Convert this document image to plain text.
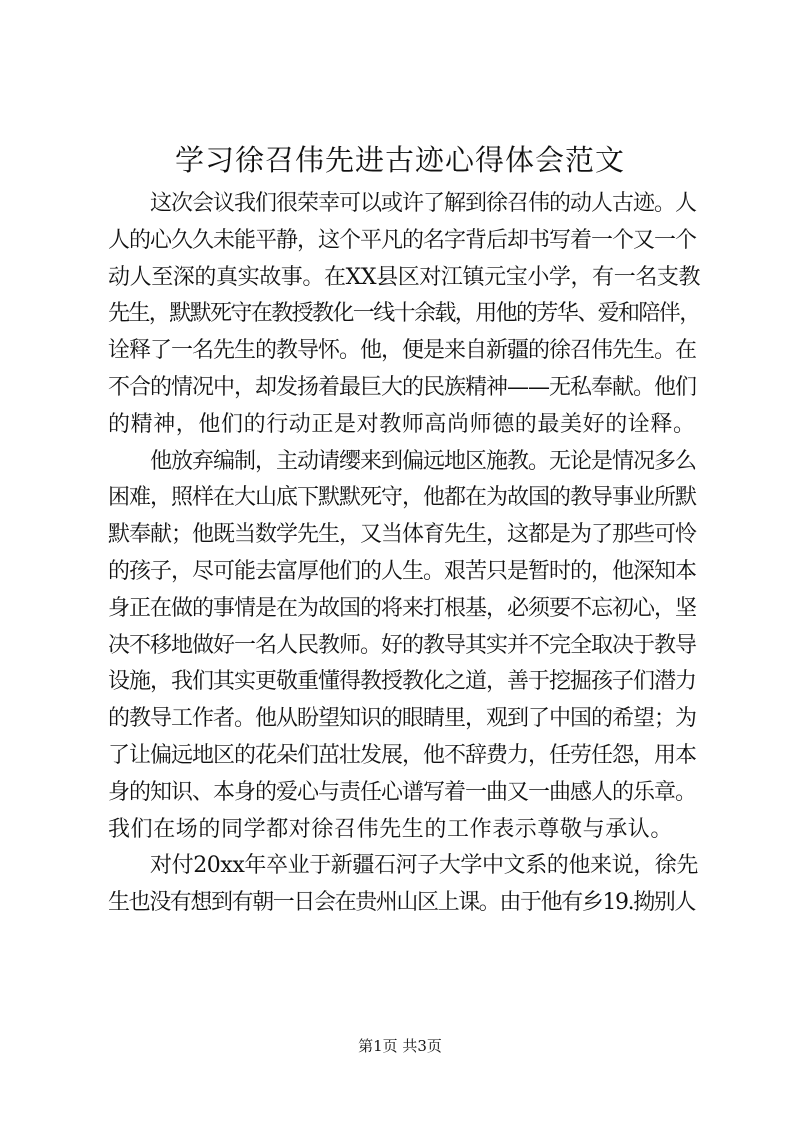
学习徐召伟先进古迹心得体会范文
这次会议我们很荣幸可以或许了解到徐召伟的动人古迹。人
人的心久久未能平静，这个平凡的名字背后却书写着一个又一个
动人至深的真实故事。在XX县区对江镇元宝小学，有一名支教
先生，默默死守在教授教化一线十余载，用他的芳华、爱和陪伴，
诠释了一名先生的教导怀。他，便是来自新疆的徐召伟先生。在
不合的情况中，却发扬着最巨大的民族精神——无私奉献。他们
的精神，他们的行动正是对教师高尚师德的最美好的诠释。
他放弃编制，主动请缨来到偏远地区施教。无论是情况多么
困难，照样在大山底下默默死守，他都在为故国的教导事业所默
默奉献；他既当数学先生，又当体育先生，这都是为了那些可怜
的孩子，尽可能去富厚他们的人生。艰苦只是暂时的，他深知本
身正在做的事情是在为故国的将来打根基，必须要不忘初心，坚
决不移地做好一名人民教师。好的教导其实并不完全取决于教导
设施，我们其实更敬重懂得教授教化之道，善于挖掘孩子们潜力
的教导工作者。他从盼望知识的眼睛里，观到了中国的希望；为
了让偏远地区的花朵们茁壮发展，他不辞费力，任劳任怨，用本
身的知识、本身的爱心与责任心谱写着一曲又一曲感人的乐章。
我们在场的同学都对徐召伟先生的工作表示尊敬与承认。
对付20xx年卒业于新疆石河子大学中文系的他来说，徐先
生也没有想到有朝一日会在贵州山区上课。由于他有乡19.拗别人
第1页 共3页
